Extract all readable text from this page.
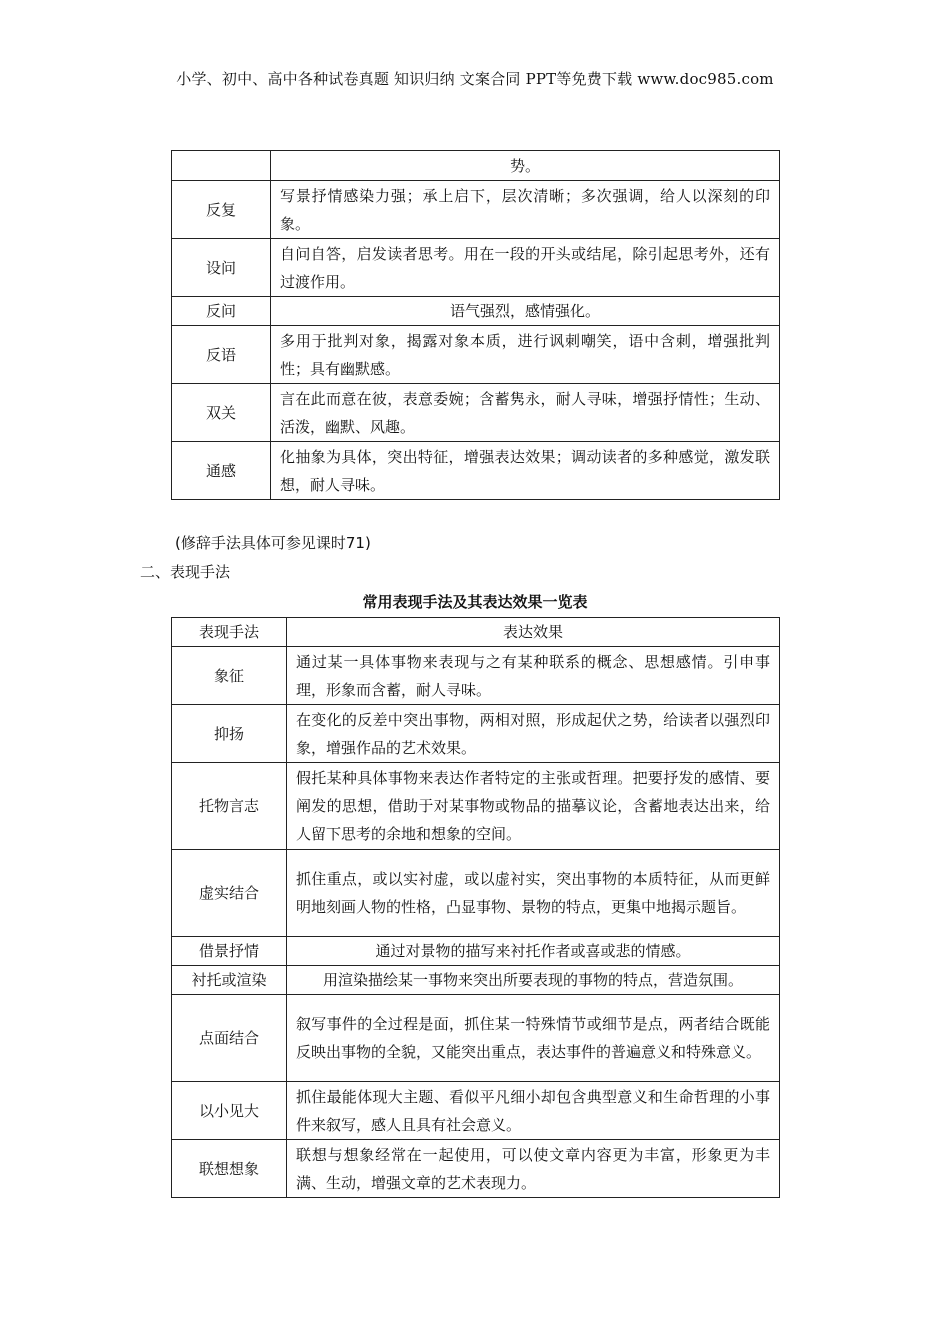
小学、初中、高中各种试卷真题 知识归纳 文案合同 PPT等免费下载 www.doc985.com
	势。
反复	写景抒情感染力强；承上启下，层次清晰；多次强调，给人以深刻的印象。
设问	自问自答，启发读者思考。用在一段的开头或结尾，除引起思考外，还有过渡作用。
反问	语气强烈，感情强化。
反语	多用于批判对象，揭露对象本质，进行讽刺嘲笑，语中含刺，增强批判性；具有幽默感。
双关	言在此而意在彼，表意委婉；含蓄隽永，耐人寻味，增强抒情性；生动、活泼，幽默、风趣。
通感	化抽象为具体，突出特征，增强表达效果；调动读者的多种感觉，激发联想，耐人寻味。
(修辞手法具体可参见课时71)
二、表现手法
常用表现手法及其表达效果一览表
表现手法	表达效果
象征	通过某一具体事物来表现与之有某种联系的概念、思想感情。引申事理，形象而含蓄，耐人寻味。
抑扬	在变化的反差中突出事物，两相对照，形成起伏之势，给读者以强烈印象，增强作品的艺术效果。
托物言志	假托某种具体事物来表达作者特定的主张或哲理。把要抒发的感情、要阐发的思想，借助于对某事物或物品的描摹议论，含蓄地表达出来，给人留下思考的余地和想象的空间。
虚实结合	抓住重点，或以实衬虚，或以虚衬实，突出事物的本质特征，从而更鲜明地刻画人物的性格，凸显事物、景物的特点，更集中地揭示题旨。
借景抒情	通过对景物的描写来衬托作者或喜或悲的情感。
衬托或渲染	用渲染描绘某一事物来突出所要表现的事物的特点，营造氛围。
点面结合	叙写事件的全过程是面，抓住某一特殊情节或细节是点，两者结合既能反映出事物的全貌，又能突出重点，表达事件的普遍意义和特殊意义。
以小见大	抓住最能体现大主题、看似平凡细小却包含典型意义和生命哲理的小事件来叙写，感人且具有社会意义。
联想想象	联想与想象经常在一起使用，可以使文章内容更为丰富，形象更为丰满、生动，增强文章的艺术表现力。
